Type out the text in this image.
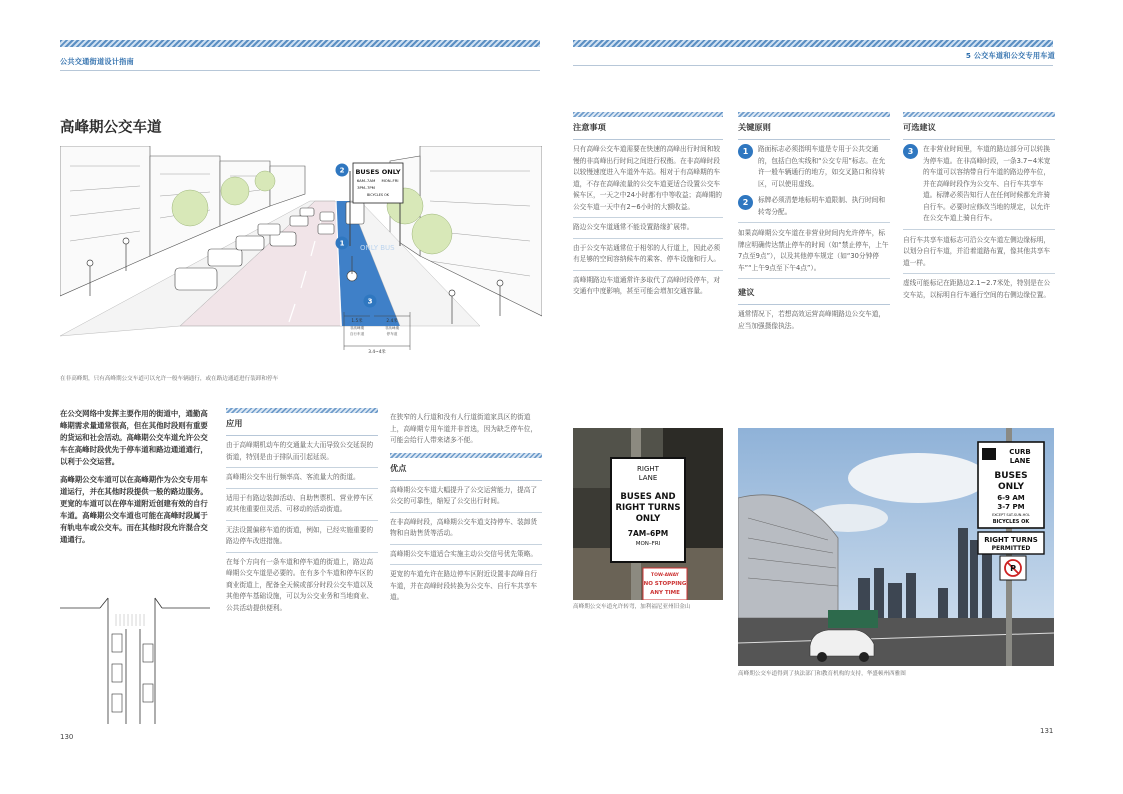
公共交通街道设计指南
高峰期公交车道
ONLY BUS
BUSES ONLY
6AM–7AM MON–FRI
3PM–7PM
BICYCLES OK
2
1
3
1.5米	2.4米
3.4~4米
非高峰期
自行车道
非高峰期
停车道
在非高峰期，只有高峰期公交车道可以允许一般车辆通行，或在路边通道进行装卸和停车

在公交网络中发挥主要作用的街道中，通勤高峰期需求量通常很高，但在其他时段则有重要的货运和社会活动。高峰期公交车道允许公交车在高峰时段优先于停车道和路边通道通行，以利于公交运营。

高峰期公交车道可以在高峰期作为公交专用车道运行，并在其他时段提供一般的路边服务。更宽的车道可以在停车道附近创建有效的自行车道。高峰期公交车道也可能在高峰时段属于有轨电车或公交车。而在其他时段允许混合交通通行。

应用

由于高峰期机动车的交通量太大而导致公交延误的街道，特别是由于排队而引起延误。

高峰期公交车出行频率高、客流量大的街道。

适用于有路边装卸活动、自助售票机、营业停车区或其他重要但灵活、可移动的活动街道。

无法设置偏移车道的街道，例如，已经实施重要的路边停车改进措施。

在每个方向有一条车道和停车道的街道上，路边高峰期公交车道是必要的。在有多个车道和停车区的商业街道上，配备全天候或部分时段公交车道以及其他停车基础设施，可以为公交业务和当地商业、公共活动提供便利。

在狭窄的人行道和没有人行道街道家具区的街道上，高峰期专用车道并非首选，因为缺乏停车位，可能会给行人带来诸多不便。

优点

高峰期公交车道大幅提升了公交运营能力，提高了公交的可靠性，缩短了公交出行时间。

在非高峰时段，高峰期公交车道支持停车、装卸货物和自助售货等活动。

高峰期公交车道适合实施主动公交信号优先策略。

更宽的车道允许在路边停车区附近设置非高峰自行车道，并在高峰时段转换为公交车、自行车共享车道。

130
5 公交车道和公交专用车道
注意事项

只有高峰公交车道需要在快速的高峰出行时间和较慢的非高峰出行时间之间进行权衡。在非高峰时段以较慢速度进入车道外车站。相对于有高峰期的车道，不存在高峰流量的公交车道更适合设置公交车候车区，一天之中24小时都有中等收益；高峰期的公交车道一天中有2~6小时的大额收益。

路边公交车道通常不能设置路缘扩展带。

由于公交车站通常位于相邻的人行道上，因此必须有足够的空间容纳候车的乘客、停车设施和行人。

高峰期路边车道通常许多取代了高峰时段停车，对交通有中度影响，甚至可能会增加交通容量。

关键原则
1	路面标志必须指明车道是专用于公共交通的，包括白色实线和“公交专用”标志。在允许一般车辆通行的地方，如交叉路口和待转区，可以使用虚线。

2	标牌必须清楚地标明车道限制、执行时间和转弯分配。

如果高峰期公交车道在非营业时间内允许停车，标牌应明确传达禁止停车的时间（如“禁止停车，上午7点至9点”），以及其他停车规定（如“30分钟停车”“上午9点至下午4点”）。

建议

通常情况下，若想高效运营高峰期路边公交车道，应当加强摄像执法。

可选建议
3	在非营业时间里，车道的路边部分可以转换为停车道。在非高峰时段，一条3.7~4米宽的车道可以容纳带自行车道的路边停车位，并在高峰时段作为公交车、自行车共享车道。标牌必须告知行人在任何时候都允许骑自行车。必要时应修改当地的规定，以允许在公交车道上骑自行车。

自行车共享车道标志可沿公交车道左侧边缘标明，以划分自行车道，并沿着道路布置，像其他共享车道一样。

虚线可能标记在距路边2.1~2.7米处，特别是在公交车站，以标明自行车通行空间的右侧边缘位置。

RIGHT
LANE
BUSES AND
RIGHT TURNS
ONLY
7AM–6PM
MON–FRI
TOW-AWAY
NO STOPPING
ANY TIME
高峰期公交车道允许转弯，加利福尼亚州旧金山
CURB
LANE
BUSES
ONLY
6-9 AM
3-7 PM
EXCEPT SAT-SUN-HOL
BICYCLES OK
RIGHT TURNS
PERMITTED
P
高峰期公交车道得到了执法部门和教育机构的支持，华盛顿州西雅图
131
